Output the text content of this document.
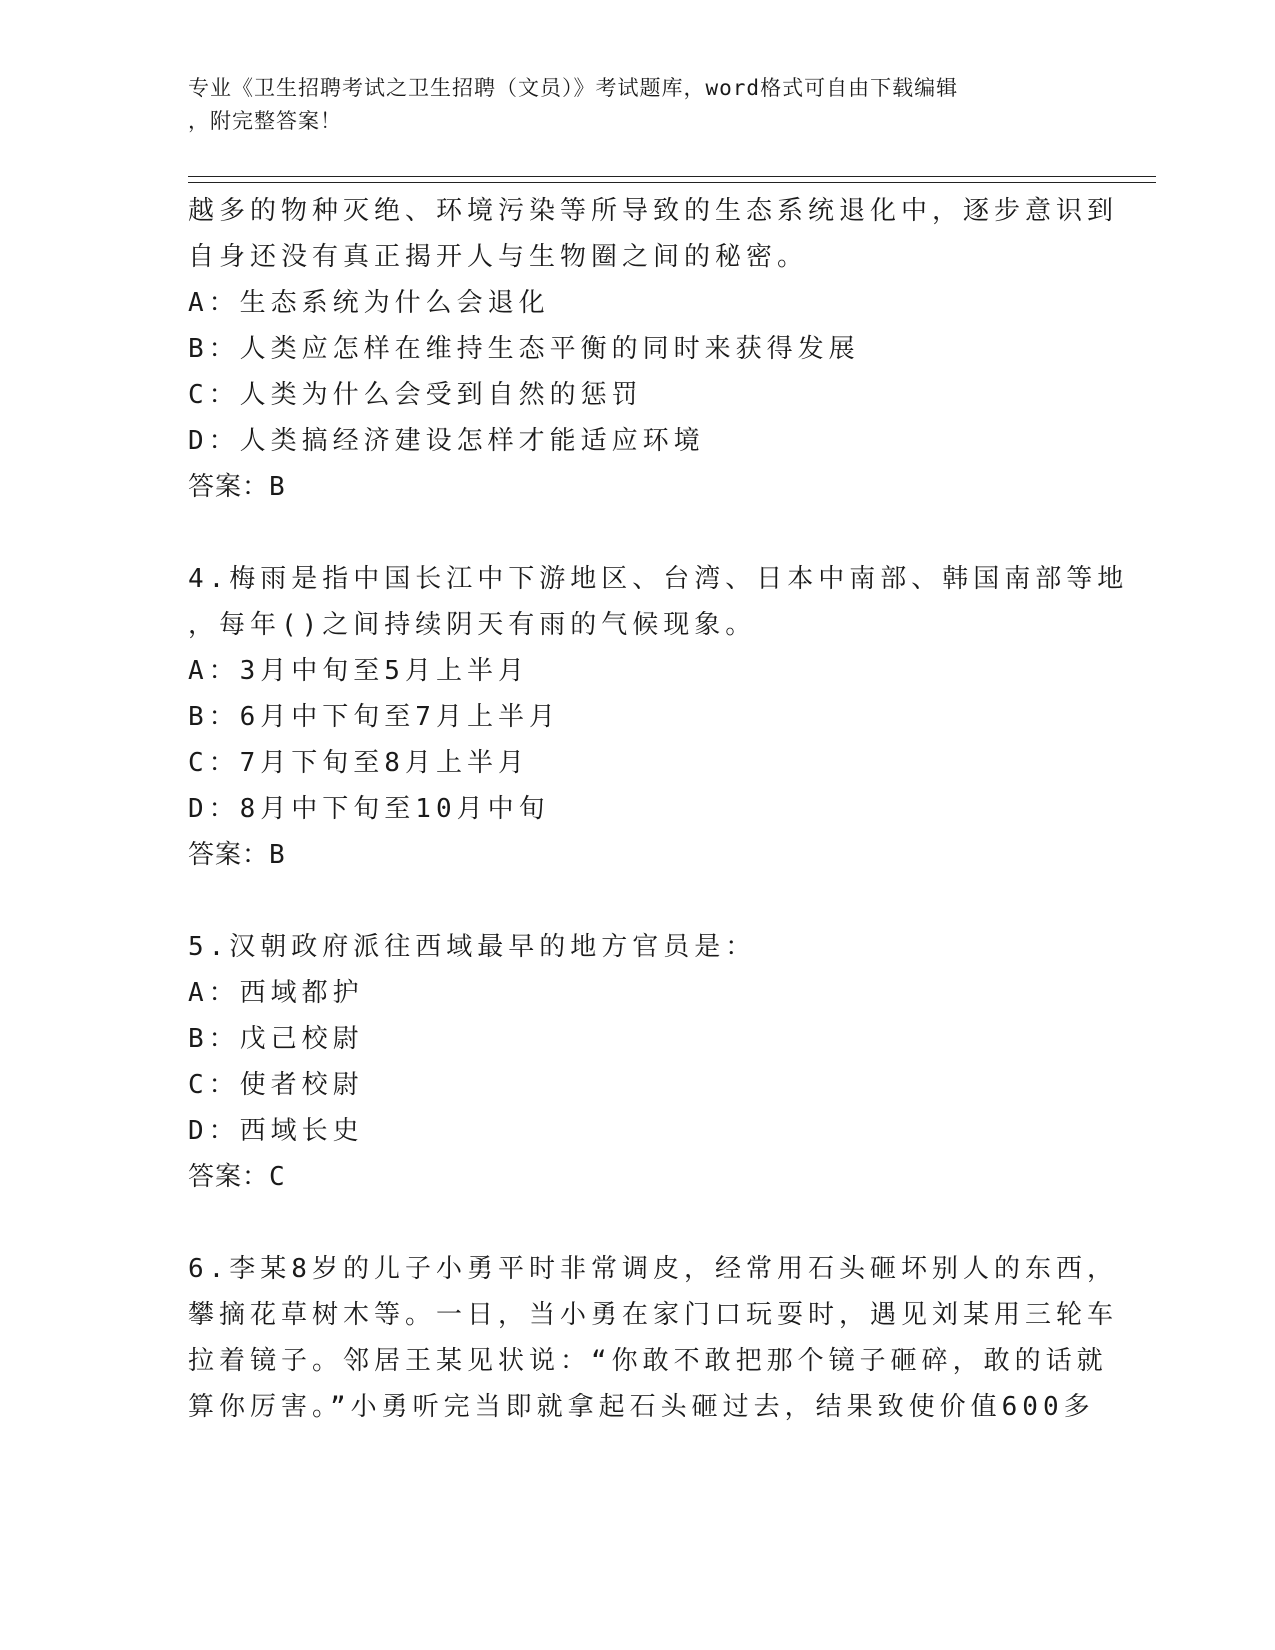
专业《卫生招聘考试之卫生招聘（文员）》考试题库，word格式可自由下载编辑
，附完整答案！
越多的物种灭绝、环境污染等所导致的生态系统退化中，逐步意识到
自身还没有真正揭开人与生物圈之间的秘密。
A：生态系统为什么会退化
B：人类应怎样在维持生态平衡的同时来获得发展
C：人类为什么会受到自然的惩罚
D：人类搞经济建设怎样才能适应环境
答案：B
4.梅雨是指中国长江中下游地区、台湾、日本中南部、韩国南部等地
，每年()之间持续阴天有雨的气候现象。
A：3月中旬至5月上半月
B：6月中下旬至7月上半月
C：7月下旬至8月上半月
D：8月中下旬至10月中旬
答案：B
5.汉朝政府派往西域最早的地方官员是：
A：西域都护
B：戊己校尉
C：使者校尉
D：西域长史
答案：C
6.李某8岁的儿子小勇平时非常调皮，经常用石头砸坏别人的东西，
攀摘花草树木等。一日，当小勇在家门口玩耍时，遇见刘某用三轮车
拉着镜子。邻居王某见状说：“你敢不敢把那个镜子砸碎，敢的话就
算你厉害。”小勇听完当即就拿起石头砸过去，结果致使价值600多
